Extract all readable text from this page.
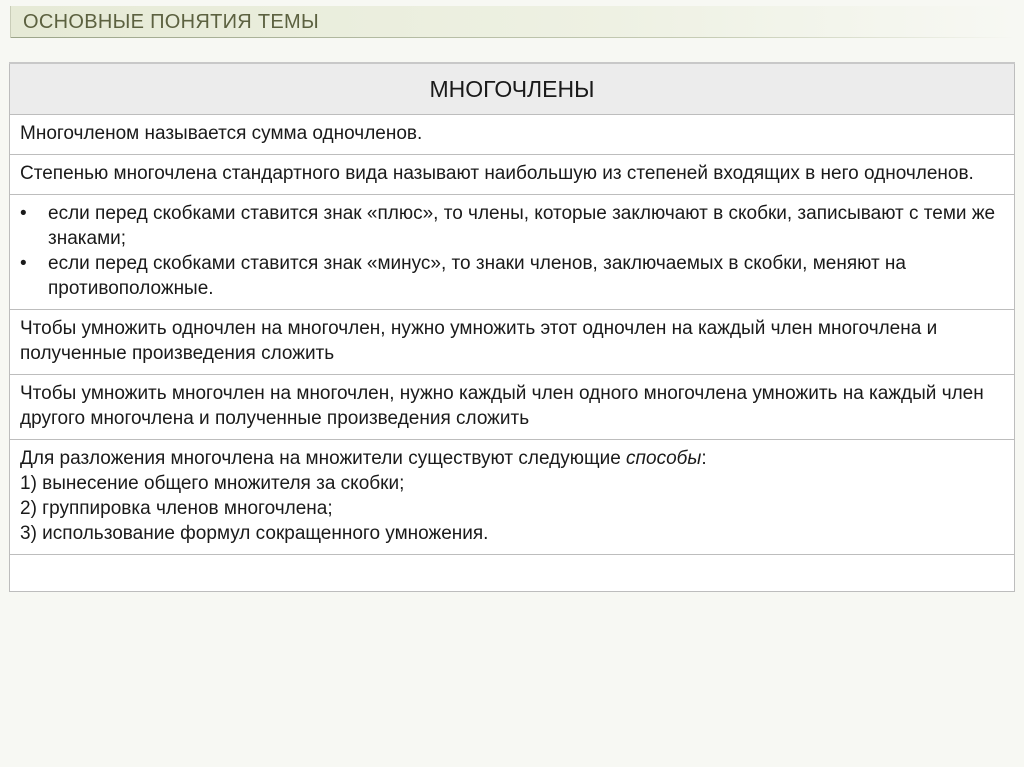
ОСНОВНЫЕ ПОНЯТИЯ ТЕМЫ
МНОГОЧЛЕНЫ
Многочленом называется сумма одночленов.
Степенью многочлена стандартного вида называют наибольшую из степеней входящих в него одночленов.

• если перед скобками ставится знак «плюс», то члены, которые заключают в скобки, записывают с теми же знаками;
• если перед скобками ставится знак «минус», то знаки членов, заключаемых в скобки, меняют на противоположные.

Чтобы умножить одночлен на многочлен, нужно умножить этот одночлен на каждый член многочлена и полученные произведения сложить
Чтобы умножить многочлен на многочлен, нужно каждый член одного многочлена умножить на каждый член другого многочлена и полученные произведения сложить

Для разложения многочлена на множители существуют следующие способы:
1) вынесение общего множителя за скобки;
2) группировка членов многочлена;
3) использование формул сокращенного умножения.
